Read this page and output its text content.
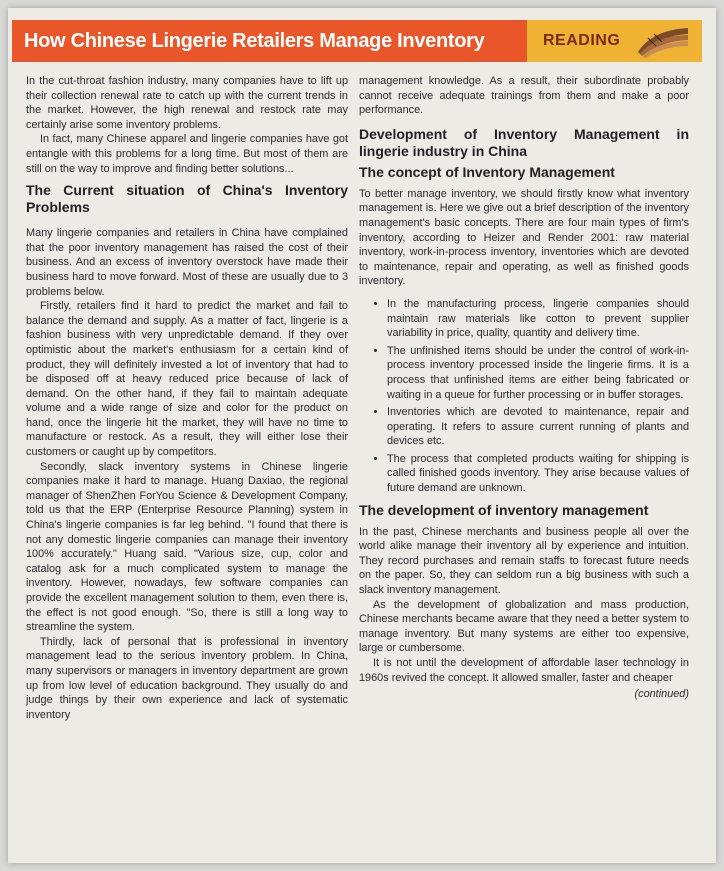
How Chinese Lingerie Retailers Manage Inventory	READING

In the cut-throat fashion industry, many companies have to lift up their collection renewal rate to catch up with the current trends in the market. However, the high renewal and restock rate may certainly arise some inventory problems.

In fact, many Chinese apparel and lingerie companies have got entangle with this problems for a long time. But most of them are still on the way to improve and finding better solutions...

The Current situation of China's Inventory Problems

Many lingerie companies and retailers in China have complained that the poor inventory management has raised the cost of their business. And an excess of inventory overstock have made their business hard to move forward. Most of these are usually due to 3 problems below.

Firstly, retailers find it hard to predict the market and fail to balance the demand and supply. As a matter of fact, lingerie is a fashion business with very unpredictable demand. If they over optimistic about the market's enthusiasm for a certain kind of product, they will definitely invested a lot of inventory that had to be disposed off at heavy reduced price because of lack of demand. On the other hand, if they fail to maintain adequate volume and a wide range of size and color for the product on hand, once the lingerie hit the market, they will have no time to manufacture or restock. As a result, they will either lose their customers or caught up by competitors.

Secondly, slack inventory systems in Chinese lingerie companies make it hard to manage. Huang Daxiao, the regional manager of ShenZhen ForYou Science & Development Company, told us that the ERP (Enterprise Resource Planning) system in China's lingerie companies is far leg behind. "I found that there is not any domestic lingerie companies can manage their inventory 100% accurately." Huang said. "Various size, cup, color and catalog ask for a much complicated system to manage the inventory. However, nowadays, few software companies can provide the excellent management solution to them, even there is, the effect is not good enough. "So, there is still a long way to streamline the system.

Thirdly, lack of personal that is professional in inventory management lead to the serious inventory problem. In China, many supervisors or managers in inventory department are grown up from low level of education background. They usually do and judge things by their own experience and lack of systematic inventory

management knowledge. As a result, their subordinate probably cannot receive adequate trainings from them and make a poor performance.

Development of Inventory Management in lingerie industry in China
The concept of Inventory Management

To better manage inventory, we should firstly know what inventory management is. Here we give out a brief description of the inventory management's basic concepts. There are four main types of firm's inventory, according to Heizer and Render 2001: raw material inventory, work-in-process inventory, inventories which are devoted to maintenance, repair and operating, as well as finished goods inventory.

• In the manufacturing process, lingerie companies should maintain raw materials like cotton to prevent supplier variability in price, quality, quantity and delivery time.
• The unfinished items should be under the control of work-in-process inventory processed inside the lingerie firms. It is a process that unfinished items are either being fabricated or waiting in a queue for further processing or in buffer storages.
• Inventories which are devoted to maintenance, repair and operating. It refers to assure current running of plants and devices etc.
• The process that completed products waiting for shipping is called finished goods inventory. They arise because values of future demand are unknown.
The development of inventory management

In the past, Chinese merchants and business people all over the world alike manage their inventory all by experience and intuition. They record purchases and remain staffs to forecast future needs on the paper. So, they can seldom run a big business with such a slack inventory management.

As the development of globalization and mass production, Chinese merchants became aware that they need a better system to manage inventory. But many systems are either too expensive, large or cumbersome.

It is not until the development of affordable laser technology in 1960s revived the concept. It allowed smaller, faster and cheaper

(continued)
